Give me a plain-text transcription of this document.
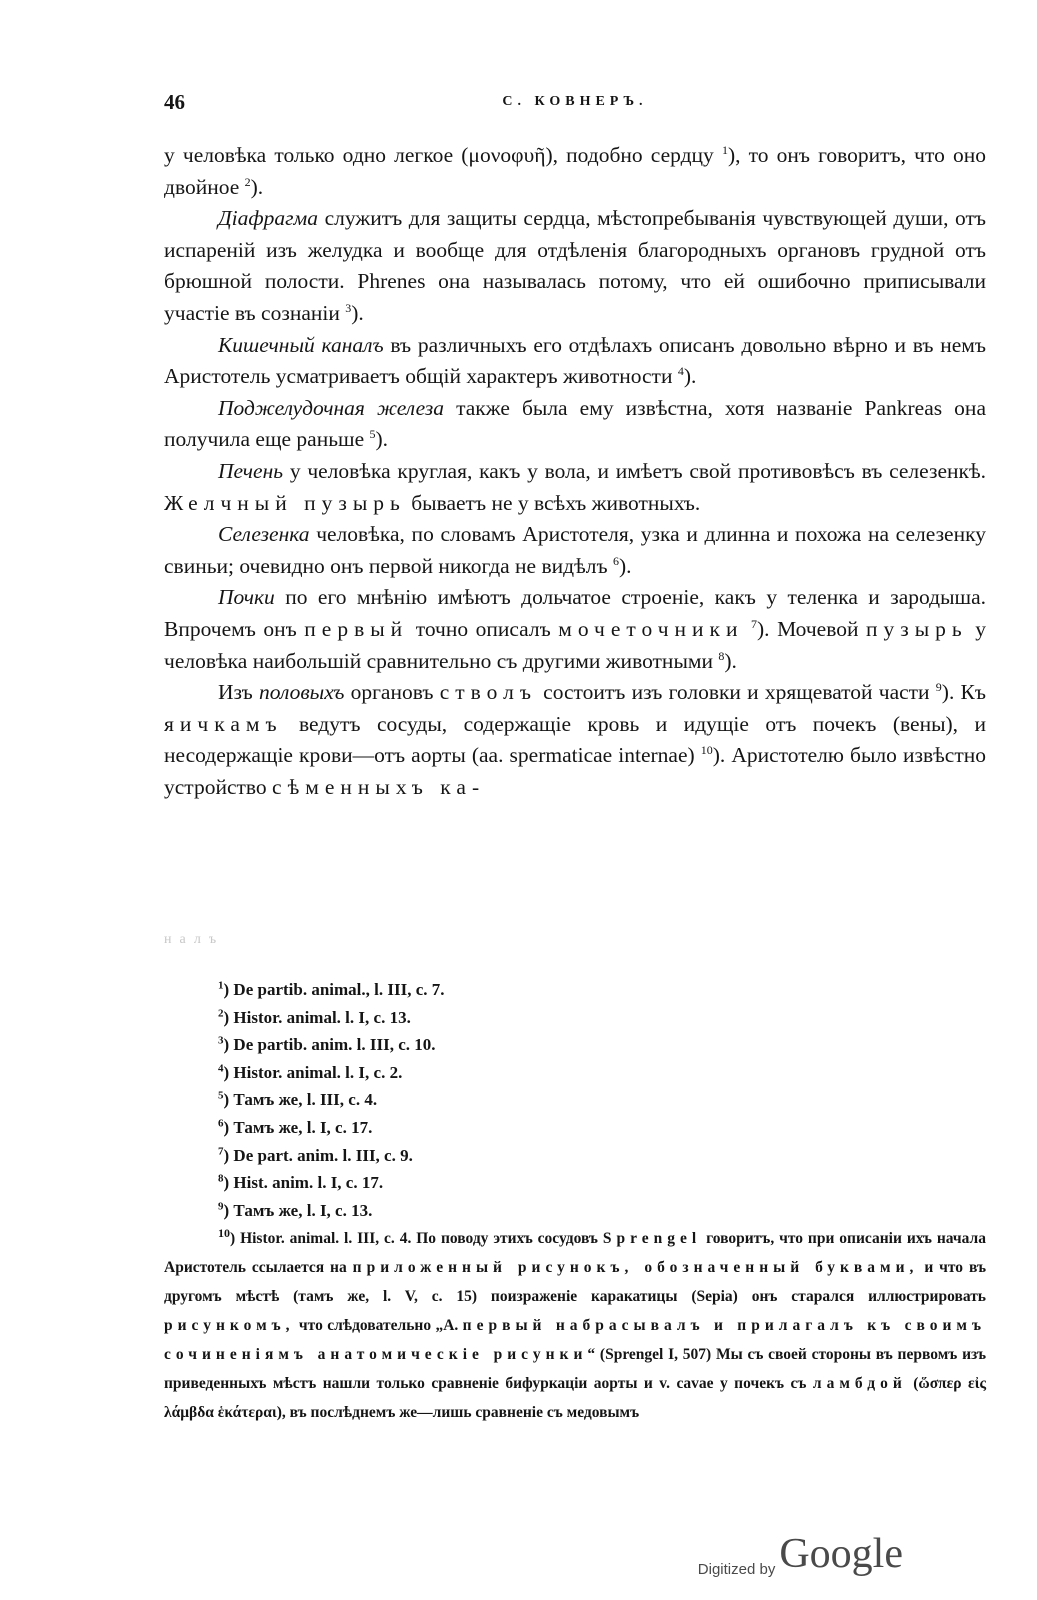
46	С. КОВНЕРЪ.

у человѣка только одно легкое (μονοφυῆ), подобно сердцу $^1$), то онъ говоритъ, что оно двойное $^2$).

Діафрагма служитъ для защиты сердца, мѣстопребыванія чувствующей души, отъ испареній изъ желудка и вообще для отдѣленія благородныхъ органовъ грудной отъ брюшной полости. Phrenes она называлась потому, что ей ошибочно приписывали участіе въ сознаніи $^3$).

Кишечный каналъ въ различныхъ его отдѣлахъ описанъ довольно вѣрно и въ немъ Аристотель усматриваетъ общій характеръ животности $^4$).

Поджелудочная железа также была ему извѣстна, хотя названіе Pankreas она получила еще раньше $^5$).

Печень у человѣка круглая, какъ у вола, и имѣетъ свой противовѣсъ въ селезенкѣ. Желчный пузырь бываетъ не у всѣхъ животныхъ.

Селезенка человѣка, по словамъ Аристотеля, узка и длинна и похожа на селезенку свиньи; очевидно онъ первой никогда не видѣлъ $^6$).

Почки по его мнѣнію имѣютъ дольчатое строеніе, какъ у теленка и зародыша. Впрочемъ онъ первый точно описалъ мочеточники $^7$). Мочевой пузырь у человѣка наибольшій сравнительно съ другими животными $^8$).

Изъ половыхъ органовъ стволъ состоитъ изъ головки и хрящеватой части $^9$). Къ яичкамъ ведутъ сосуды, содержащіе кровь и идущіе отъ почекъ (вены), и несодержащіе крови—отъ аорты (aa. spermaticae internae) $^{10}$). Аристотелю было извѣстно устройство сѣменныхъ ка-

налъ

$^1$) De partib. animal., l. III, c. 7.

$^2$) Histor. animal. l. I, c. 13.

$^3$) De partib. anim. l. III, c. 10.

$^4$) Histor. animal. l. I, c. 2.

$^5$) Тамъ же, l. III, c. 4.

$^6$) Тамъ же, l. I, c. 17.

$^7$) De part. anim. l. III, c. 9.

$^8$) Hist. anim. l. I, c. 17.

$^9$) Тамъ же, l. I, c. 13.

$^{10}$) Histor. animal. l. III, c. 4. По поводу этихъ сосудовъ Sprengel говоритъ, что при описаніи ихъ начала Аристотель ссылается на приложенный рисунокъ, обозначенный буквами, и что въ другомъ мѣстѣ (тамъ же, l. V, c. 15) поизраженіе каракатицы (Sepia) онъ старался иллюстрировать рисункомъ, что слѣдовательно „А. первый набрасывалъ и прилагалъ къ своимъ сочиненіямъ анатомическіе рисунки“ (Sprengel I, 507) Мы съ своей стороны въ первомъ изъ приведенныхъ мѣстъ нашли только сравненіе бифуркаціи аорты и v. cavae у почекъ съ ламбдой (ὥσπερ εἰς λάμβδα ἑκάτεραι), въ послѣднемъ же—лишь сравненіе съ медовымъ

Digitized byGoogle
